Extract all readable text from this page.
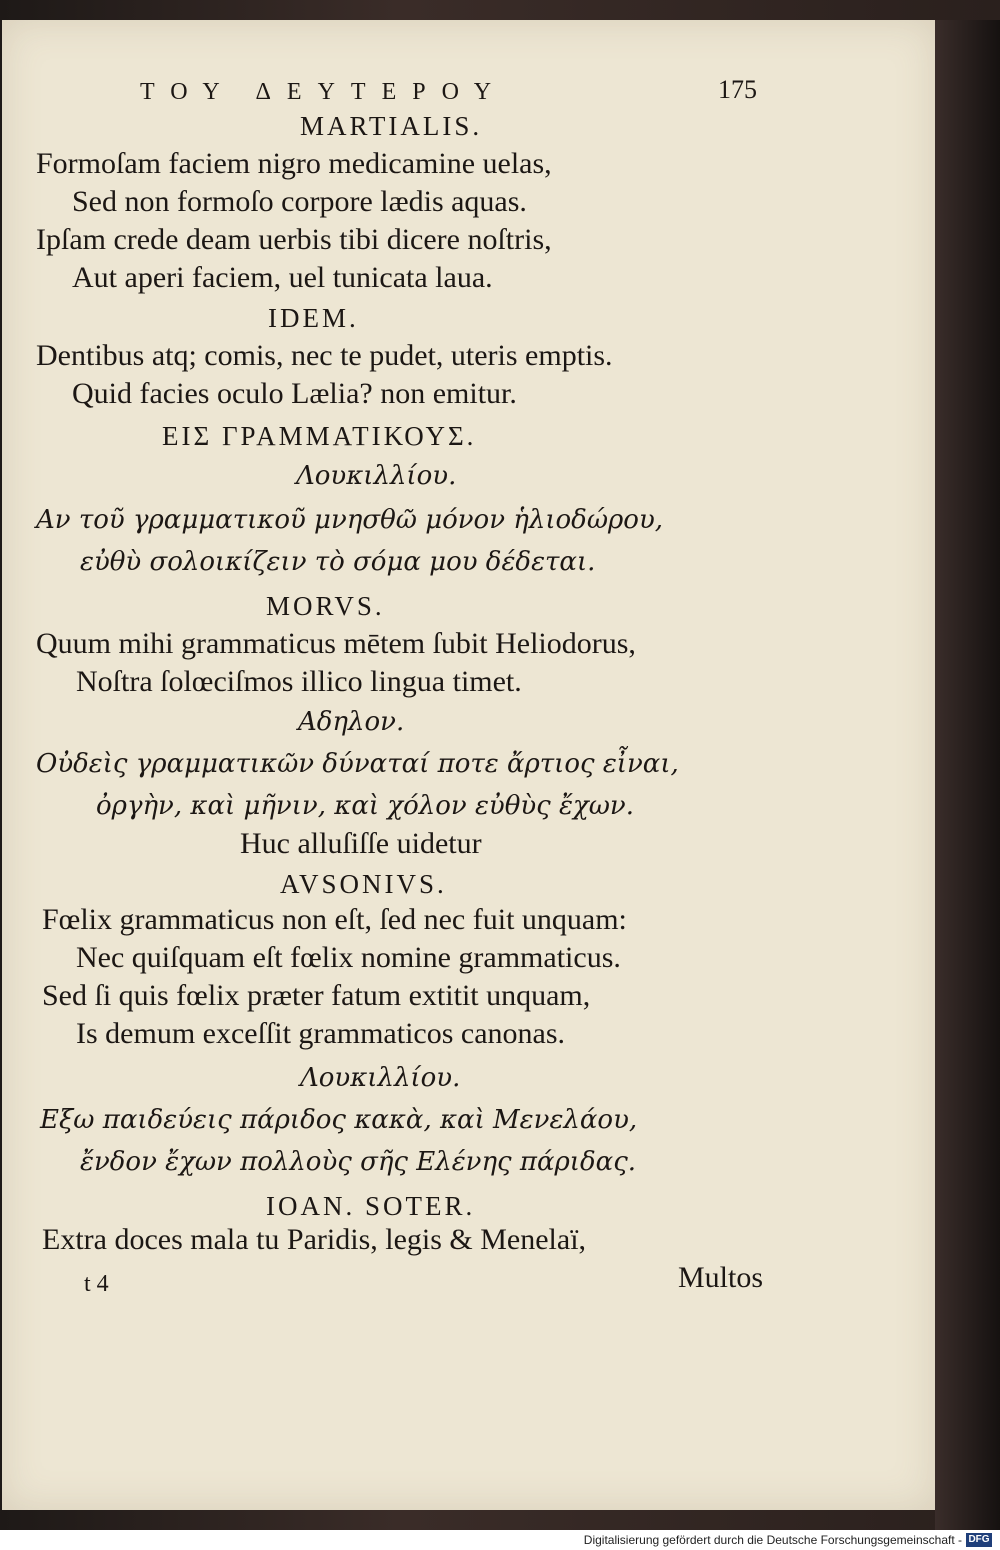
ΤΟΥ ΔΕΥΤΕΡΟΥ	175
MARTIALIS.
Formoſam faciem nigro medicamine uelas,
Sed non formoſo corpore lædis aquas.
Ipſam crede deam uerbis tibi dicere noſtris,
Aut aperi faciem, uel tunicata laua.
IDEM.
Dentibus atq; comis, nec te pudet, uteris emptis.
Quid facies oculo Lælia? non emitur.
ΕΙΣ ΓΡΑΜΜΑΤΙΚΟΥΣ.
Λουκιλλίου.
Αν τοῦ γραμματικοῦ μνησθῶ μόνον ἡλιοδώρου,
εὐθὺ σολοικίζειν τὸ σόμα μου δέδεται.
MORVS.
Quum mihi grammaticus mētem ſubit Heliodorus,
Noſtra ſolœciſmos illico lingua timet.
Αδηλον.
Οὐδεὶς γραμματικῶν δύναταί ποτε ἄρτιος εἶναι,
ὀργὴν, καὶ μῆνιν, καὶ χόλον εὐθὺς ἔχων.
Huc alluſiſſe uidetur
AVSONIVS.
Fœlix grammaticus non eſt, ſed nec fuit unquam:
Nec quiſquam eſt fœlix nomine grammaticus.
Sed ſi quis fœlix præter fatum extitit unquam,
Is demum exceſſit grammaticos canonas.
Λουκιλλίου.
Εξω παιδεύεις πάριδος κακὰ, καὶ Μενελάου,
ἔνδον ἔχων πολλοὺς σῆς Ελένης πάριδας.
IOAN. SOTER.
Extra doces mala tu Paridis, legis & Menelaï,
t 4	Multos
Digitalisierung gefördert durch die Deutsche Forschungsgemeinschaft - DFG
